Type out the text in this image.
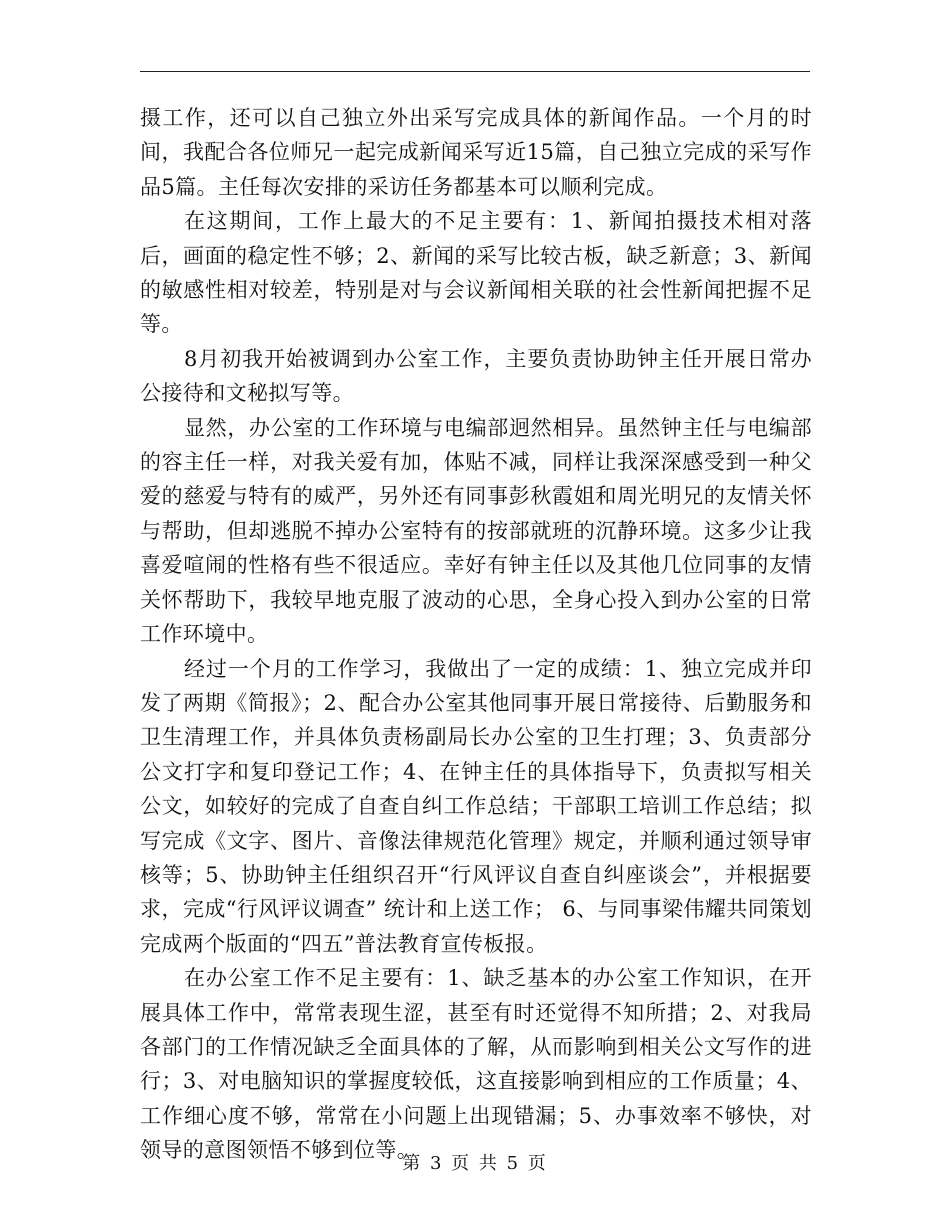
摄工作，还可以自己独立外出采写完成具体的新闻作品。一个月的时间，我配合各位师兄一起完成新闻采写近15篇，自己独立完成的采写作品5篇。主任每次安排的采访任务都基本可以顺利完成。

在这期间，工作上最大的不足主要有：1、新闻拍摄技术相对落后，画面的稳定性不够；2、新闻的采写比较古板，缺乏新意；3、新闻的敏感性相对较差，特别是对与会议新闻相关联的社会性新闻把握不足等。

8月初我开始被调到办公室工作，主要负责协助钟主任开展日常办公接待和文秘拟写等。

显然，办公室的工作环境与电编部迥然相异。虽然钟主任与电编部的容主任一样，对我关爱有加，体贴不减，同样让我深深感受到一种父爱的慈爱与特有的威严，另外还有同事彭秋霞姐和周光明兄的友情关怀与帮助，但却逃脱不掉办公室特有的按部就班的沉静环境。这多少让我喜爱喧闹的性格有些不很适应。幸好有钟主任以及其他几位同事的友情关怀帮助下，我较早地克服了波动的心思，全身心投入到办公室的日常工作环境中。

经过一个月的工作学习，我做出了一定的成绩：1、独立完成并印发了两期《简报》；2、配合办公室其他同事开展日常接待、后勤服务和卫生清理工作，并具体负责杨副局长办公室的卫生打理；3、负责部分公文打字和复印登记工作；4、在钟主任的具体指导下，负责拟写相关公文，如较好的完成了自查自纠工作总结；干部职工培训工作总结；拟写完成《文字、图片、音像法律规范化管理》规定，并顺利通过领导审核等；5、协助钟主任组织召开“行风评议自查自纠座谈会”，并根据要求，完成“行风评议调查” 统计和上送工作； 6、与同事梁伟耀共同策划完成两个版面的“四五”普法教育宣传板报。

在办公室工作不足主要有：1、缺乏基本的办公室工作知识，在开展具体工作中，常常表现生涩，甚至有时还觉得不知所措；2、对我局各部门的工作情况缺乏全面具体的了解，从而影响到相关公文写作的进行；3、对电脑知识的掌握度较低，这直接影响到相应的工作质量；4、工作细心度不够，常常在小问题上出现错漏；5、办事效率不够快，对领导的意图领悟不够到位等。

第 3 页 共 5 页
